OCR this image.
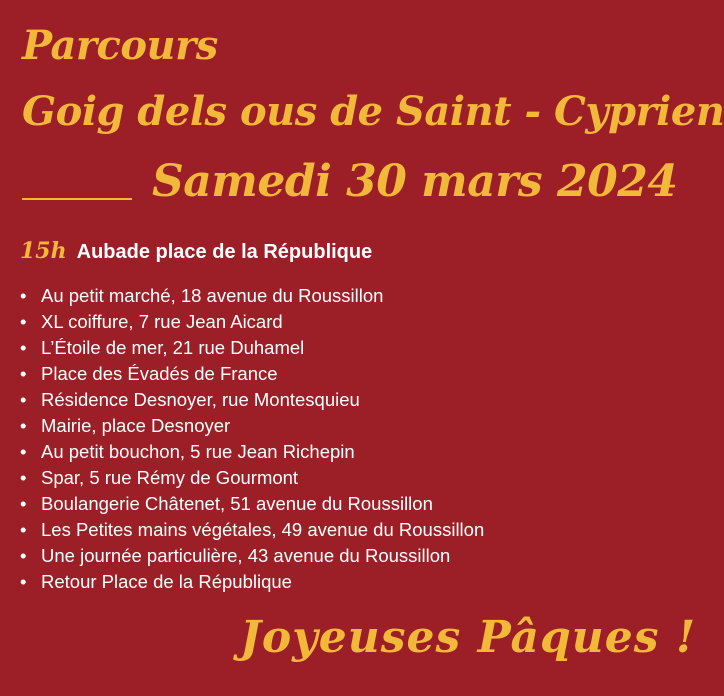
Parcours
Goig dels ous de Saint - Cyprien
Samedi 30 mars 2024
15h Aubade place de la République
• Au petit marché, 18 avenue du Roussillon
• XL coiffure, 7 rue Jean Aicard
• L’Étoile de mer, 21 rue Duhamel
• Place des Évadés de France
• Résidence Desnoyer, rue Montesquieu
• Mairie, place Desnoyer
• Au petit bouchon, 5 rue Jean Richepin
• Spar, 5 rue Rémy de Gourmont
• Boulangerie Châtenet, 51 avenue du Roussillon
• Les Petites mains végétales, 49 avenue du Roussillon
• Une journée particulière, 43 avenue du Roussillon
• Retour Place de la République
Joyeuses Pâques !
